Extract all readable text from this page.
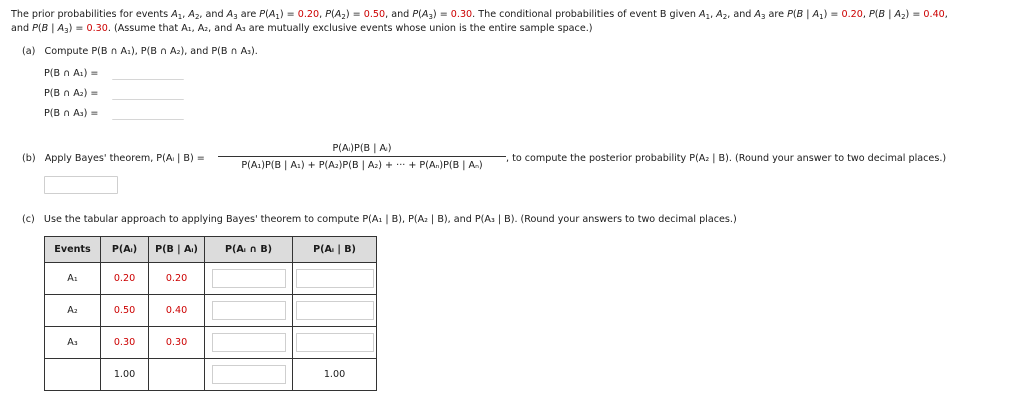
The prior probabilities for events $A_1$, $A_2$, and $A_3$ are $P(A_1) = 0.20$, $P(A_2) = 0.50$, and $P(A_3) = 0.30$. The conditional probabilities of event B given $A_1$, $A_2$, and $A_3$ are P(B | $A_1) = 0.20$, P(B | $A_2) = 0.40$,
and P(B | $A_3) = 0.30$. (Assume that A₁, A₂, and A₃ are mutually exclusive events whose union is the entire sample space.)
(a) Compute P(B ∩ A₁), P(B ∩ A₂), and P(B ∩ A₃).
P(B ∩ A₁) =
P(B ∩ A₂) =
P(B ∩ A₃) =
(b) Apply Bayes' theorem, P(Aᵢ | B) =
P(Aᵢ)P(B | Aᵢ)
P(A₁)P(B | A₁) + P(A₂)P(B | A₂) + ··· + P(Aₙ)P(B | Aₙ)
, to compute the posterior probability P(A₂ | B). (Round your answer to two decimal places.)
(c) Use the tabular approach to applying Bayes' theorem to compute P(A₁ | B), P(A₂ | B), and P(A₃ | B). (Round your answers to two decimal places.)
Events	P(Aᵢ)	P(B | Aᵢ)	P(Aᵢ ∩ B)	P(Aᵢ | B)
A₁	0.20	0.20		
A₂	0.50	0.40		
A₃	0.30	0.30		
	1.00			1.00
